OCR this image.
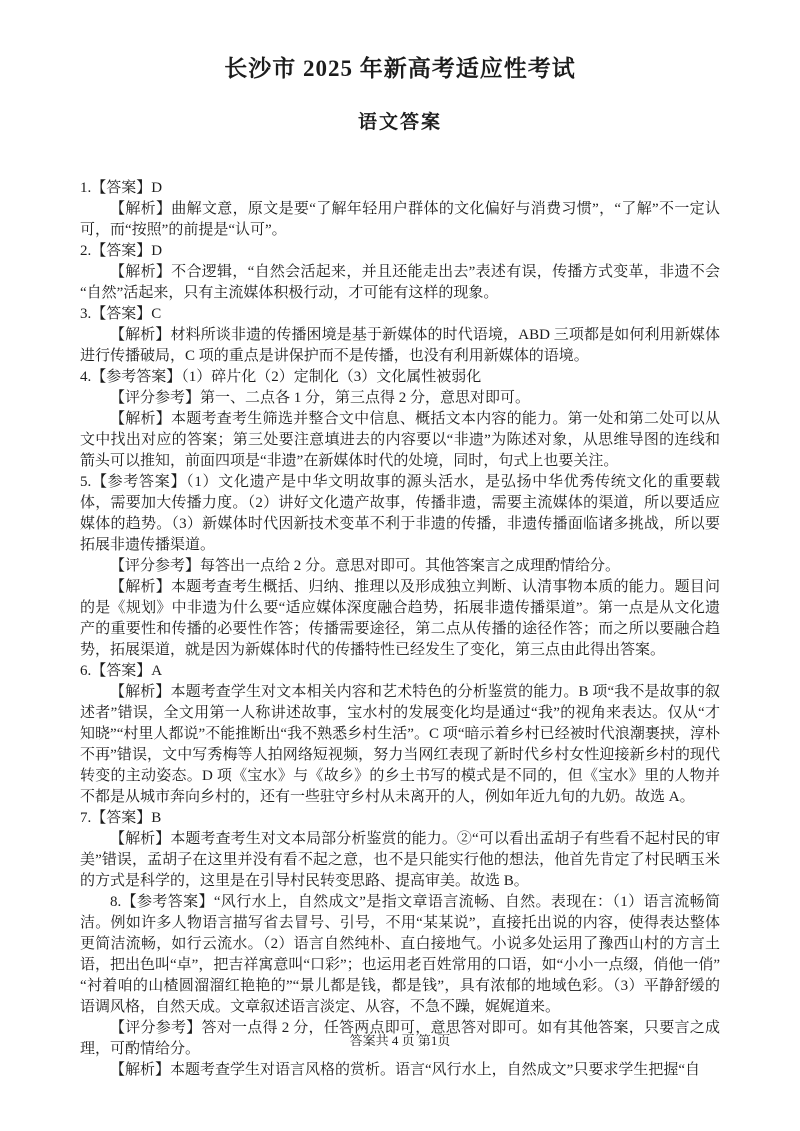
长沙市 2025 年新高考适应性考试
语文答案

1.【答案】D

【解析】曲解文意，原文是要“了解年轻用户群体的文化偏好与消费习惯”，“了解”不一定认可，而“按照”的前提是“认可”。

2.【答案】D

【解析】不合逻辑，“自然会活起来，并且还能走出去”表述有误，传播方式变革，非遗不会“自然”活起来，只有主流媒体积极行动，才可能有这样的现象。

3.【答案】C

【解析】材料所谈非遗的传播困境是基于新媒体的时代语境，ABD 三项都是如何利用新媒体进行传播破局，C 项的重点是讲保护而不是传播，也没有利用新媒体的语境。

4.【参考答案】（1）碎片化（2）定制化（3）文化属性被弱化

【评分参考】第一、二点各 1 分，第三点得 2 分，意思对即可。

【解析】本题考查考生筛选并整合文中信息、概括文本内容的能力。第一处和第二处可以从文中找出对应的答案；第三处要注意填进去的内容要以“非遗”为陈述对象，从思维导图的连线和箭头可以推知，前面四项是“非遗”在新媒体时代的处境，同时，句式上也要关注。

5.【参考答案】（1）文化遗产是中华文明故事的源头活水，是弘扬中华优秀传统文化的重要载体，需要加大传播力度。（2）讲好文化遗产故事，传播非遗，需要主流媒体的渠道，所以要适应媒体的趋势。（3）新媒体时代因新技术变革不利于非遗的传播，非遗传播面临诸多挑战，所以要拓展非遗传播渠道。

【评分参考】每答出一点给 2 分。意思对即可。其他答案言之成理酌情给分。

【解析】本题考查考生概括、归纳、推理以及形成独立判断、认清事物本质的能力。题目问的是《规划》中非遗为什么要“适应媒体深度融合趋势，拓展非遗传播渠道”。第一点是从文化遗产的重要性和传播的必要性作答；传播需要途径，第二点从传播的途径作答；而之所以要融合趋势，拓展渠道，就是因为新媒体时代的传播特性已经发生了变化，第三点由此得出答案。

6.【答案】A

【解析】本题考查学生对文本相关内容和艺术特色的分析鉴赏的能力。B 项“我不是故事的叙述者”错误，全文用第一人称讲述故事，宝水村的发展变化均是通过“我”的视角来表达。仅从“才知晓”“村里人都说”不能推断出“我不熟悉乡村生活”。C 项“暗示着乡村已经被时代浪潮裹挟，淳朴不再”错误，文中写秀梅等人拍网络短视频，努力当网红表现了新时代乡村女性迎接新乡村的现代转变的主动姿态。D 项《宝水》与《故乡》的乡土书写的模式是不同的，但《宝水》里的人物并不都是从城市奔向乡村的，还有一些驻守乡村从未离开的人，例如年近九旬的九奶。故选 A。

7.【答案】B

【解析】本题考查考生对文本局部分析鉴赏的能力。②“可以看出孟胡子有些看不起村民的审美”错误，孟胡子在这里并没有看不起之意，也不是只能实行他的想法，他首先肯定了村民晒玉米的方式是科学的，这里是在引导村民转变思路、提高审美。故选 B。

8.【参考答案】“风行水上，自然成文”是指文章语言流畅、自然。表现在：（1）语言流畅简洁。例如许多人物语言描写省去冒号、引号，不用“某某说”，直接托出说的内容，使得表达整体更简洁流畅，如行云流水。（2）语言自然纯朴、直白接地气。小说多处运用了豫西山村的方言土语，把出色叫“卓”，把吉祥寓意叫“口彩”；也运用老百姓常用的口语，如“小小一点缀，俏他一俏”“衬着咱的山楂圆溜溜红艳艳的”“景儿都是钱，都是钱”，具有浓郁的地域色彩。（3）平静舒缓的语调风格，自然天成。文章叙述语言淡定、从容，不急不躁，娓娓道来。

【评分参考】答对一点得 2 分，任答两点即可，意思答对即可。如有其他答案，只要言之成理，可酌情给分。

【解析】本题考查学生对语言风格的赏析。语言“风行水上，自然成文”只要求学生把握“自

答案共 4 页 第1页
